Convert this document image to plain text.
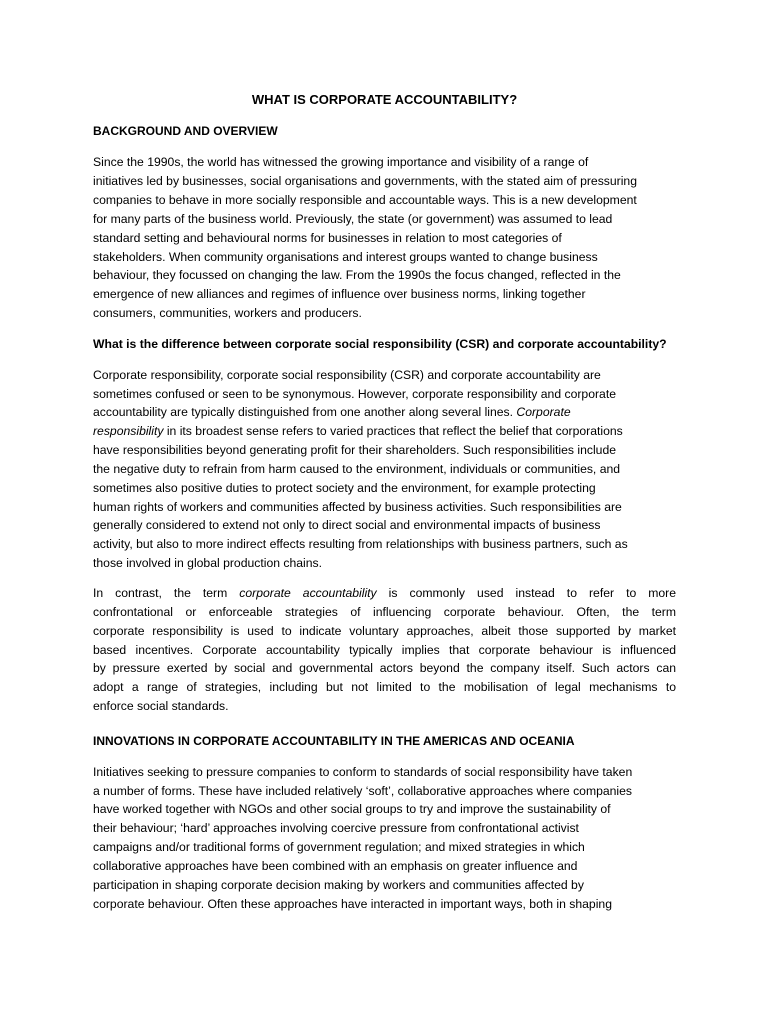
WHAT IS CORPORATE ACCOUNTABILITY?
BACKGROUND AND OVERVIEW
Since the 1990s, the world has witnessed the growing importance and visibility of a range of
initiatives led by businesses, social organisations and governments, with the stated aim of pressuring
companies to behave in more socially responsible and accountable ways. This is a new development
for many parts of the business world. Previously, the state (or government) was assumed to lead
standard setting and behavioural norms for businesses in relation to most categories of
stakeholders. When community organisations and interest groups wanted to change business
behaviour, they focussed on changing the law. From the 1990s the focus changed, reflected in the
emergence of new alliances and regimes of influence over business norms, linking together
consumers, communities, workers and producers.
What is the difference between corporate social responsibility (CSR) and corporate accountability?
Corporate responsibility, corporate social responsibility (CSR) and corporate accountability are
sometimes confused or seen to be synonymous. However, corporate responsibility and corporate
accountability are typically distinguished from one another along several lines. Corporate
responsibility in its broadest sense refers to varied practices that reflect the belief that corporations
have responsibilities beyond generating profit for their shareholders. Such responsibilities include
the negative duty to refrain from harm caused to the environment, individuals or communities, and
sometimes also positive duties to protect society and the environment, for example protecting
human rights of workers and communities affected by business activities. Such responsibilities are
generally considered to extend not only to direct social and environmental impacts of business
activity, but also to more indirect effects resulting from relationships with business partners, such as
those involved in global production chains.
In contrast, the term corporate accountability is commonly used instead to refer to more
confrontational or enforceable strategies of influencing corporate behaviour. Often, the term
corporate responsibility is used to indicate voluntary approaches, albeit those supported by market
based incentives. Corporate accountability typically implies that corporate behaviour is influenced
by pressure exerted by social and governmental actors beyond the company itself. Such actors can
adopt a range of strategies, including but not limited to the mobilisation of legal mechanisms to
enforce social standards.
INNOVATIONS IN CORPORATE ACCOUNTABILITY IN THE AMERICAS AND OCEANIA
Initiatives seeking to pressure companies to conform to standards of social responsibility have taken
a number of forms. These have included relatively ‘soft’, collaborative approaches where companies
have worked together with NGOs and other social groups to try and improve the sustainability of
their behaviour; ‘hard’ approaches involving coercive pressure from confrontational activist
campaigns and/or traditional forms of government regulation; and mixed strategies in which
collaborative approaches have been combined with an emphasis on greater influence and
participation in shaping corporate decision making by workers and communities affected by
corporate behaviour. Often these approaches have interacted in important ways, both in shaping
